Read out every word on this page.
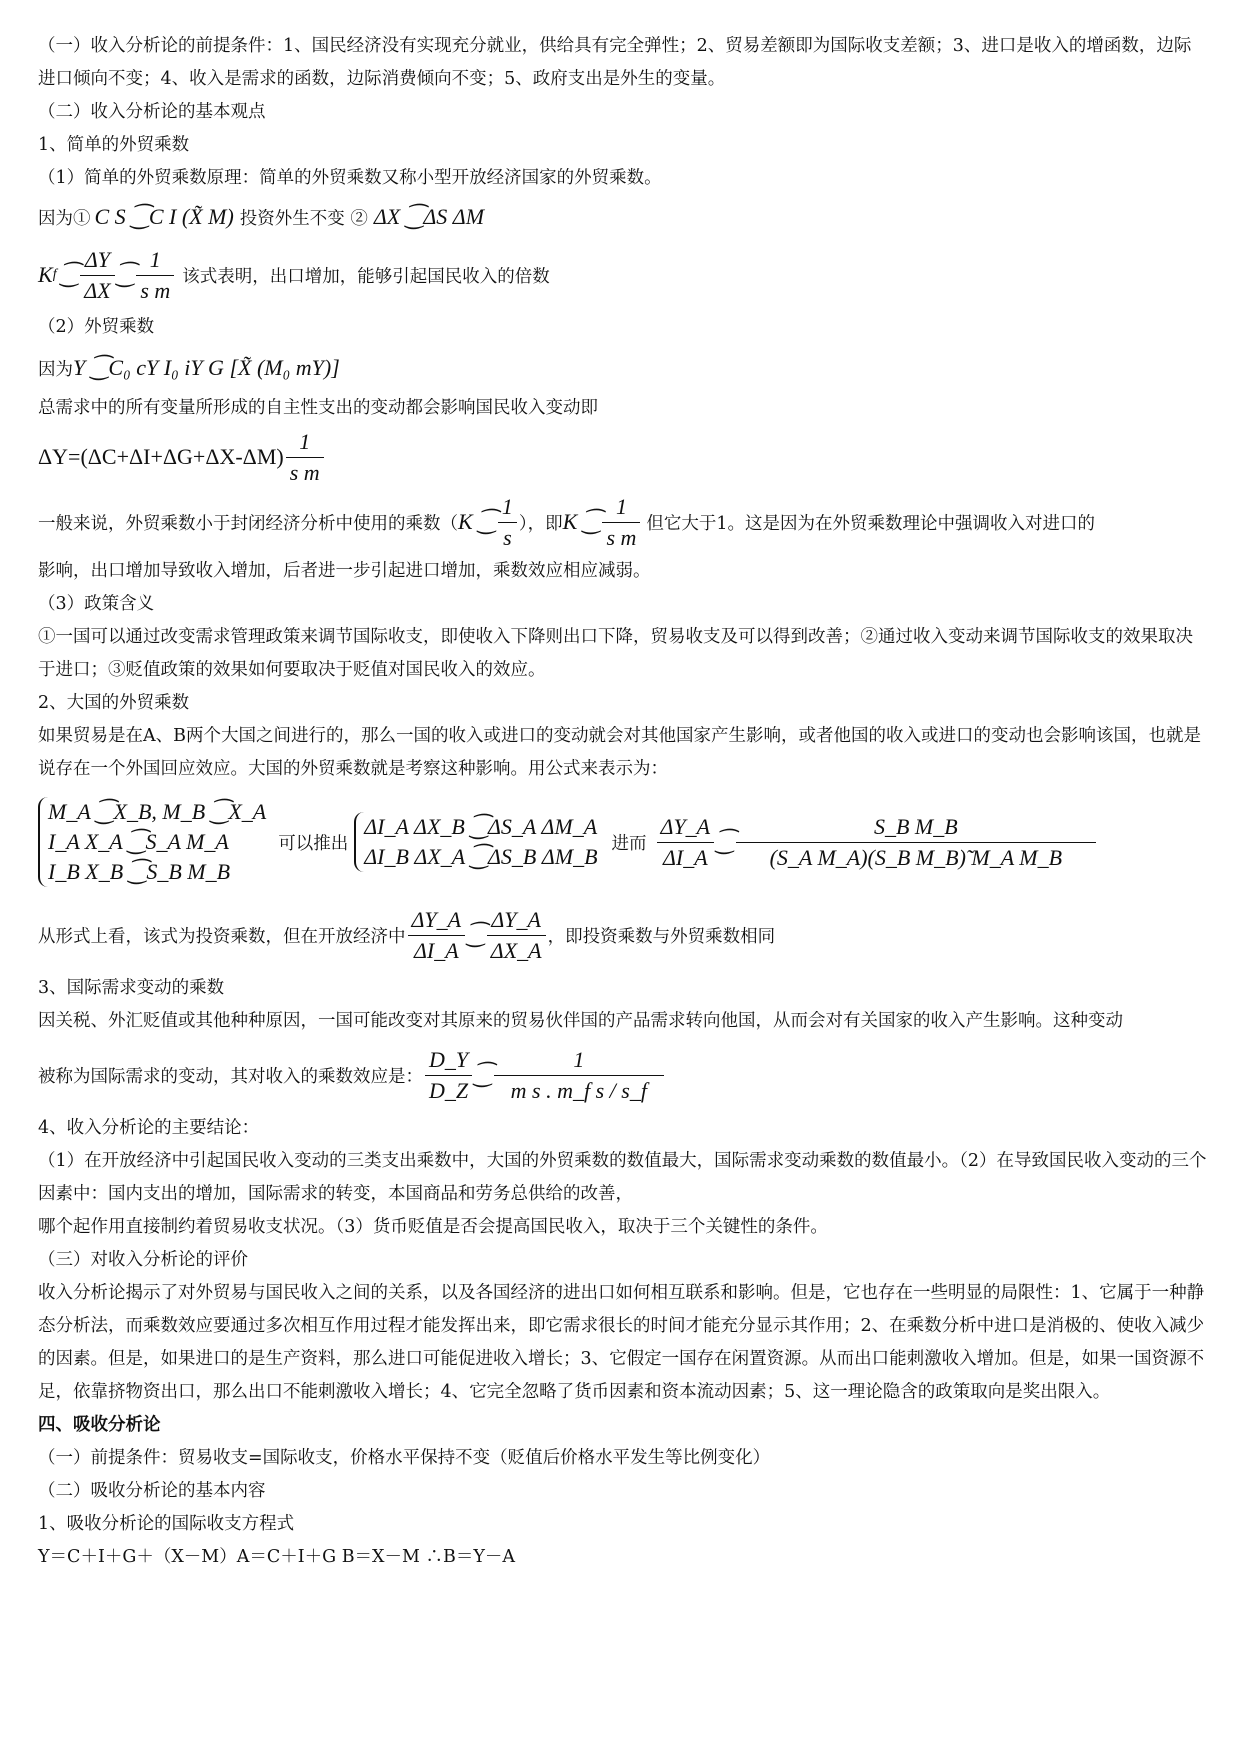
（一）收入分析论的前提条件：1、国民经济没有实现充分就业，供给具有完全弹性；2、贸易差额即为国际收支差额；3、进口是收入的增函数，边际进口倾向不变；4、收入是需求的函数，边际消费倾向不变；5、政府支出是外生的变量。
（二）收入分析论的基本观点
1、简单的外贸乘数
（1）简单的外贸乘数原理：简单的外贸乘数又称小型开放经济国家的外贸乘数。
因为① C S ⁐C I (X̃ M) 投资外生不变 ② ΔX ⁐ΔS ΔM
K f ⁐ $\frac{\Delta Y}{\Delta X}$ ⁐ $\frac{1}{\text{s m}}$ 该式表明，出口增加，能够引起国民收入的倍数
（2）外贸乘数
因为 Y ⁐C₀ cY I₀ iY G [X̃ (M₀ mY)]
总需求中的所有变量所形成的自主性支出的变动都会影响国民收入变动即
$\Delta Y=(\Delta C+\Delta I+\Delta G+\Delta X-\Delta M) \frac{1}{\text{s m}}$
一般来说，外贸乘数小于封闭经济分析中使用的乘数（ K ⁐ $\frac{1}{s}$ ），即 K ⁐ $\frac{1}{\text{s m}}$ 但它大于1。这是因为在外贸乘数理论中强调收入对进口的
影响，出口增加导致收入增加，后者进一步引起进口增加，乘数效应相应减弱。
（3）政策含义
①一国可以通过改变需求管理政策来调节国际收支，即使收入下降则出口下降，贸易收支及可以得到改善；②通过收入变动来调节国际收支的效果取决于进口；③贬值政策的效果如何要取决于贬值对国民收入的效应。
2、大国的外贸乘数
如果贸易是在A、B两个大国之间进行的，那么一国的收入或进口的变动就会对其他国家产生影响，或者他国的收入或进口的变动也会影响该国，也就是说存在一个外国回应效应。大国的外贸乘数就是考察这种影响。用公式来表示为：
M_A ⁐X_B, M_B ⁐X_A
I_A X_A ⁐S_A M_A
I_B X_B ⁐S_B M_B
可以推出
ΔI_A ΔX_B ⁐ΔS_A ΔM_A
ΔI_B ΔX_A ⁐ΔS_B ΔM_B
进而 $\frac{\Delta Y\_A}{\Delta I\_A}$ ⁐ $\frac{\text{S\_B M\_B}}{\text{(S\_A M\_A)(S\_B M\_B)̃ M\_A M\_B}}$
从形式上看，该式为投资乘数，但在开放经济中 $\frac{\Delta Y\_A}{\Delta I\_A}$ ⁐ $\frac{\Delta Y\_A}{\Delta X\_A}$ ，即投资乘数与外贸乘数相同
3、国际需求变动的乘数
因关税、外汇贬值或其他种种原因，一国可能改变对其原来的贸易伙伴国的产品需求转向他国，从而会对有关国家的收入产生影响。这种变动
被称为国际需求的变动，其对收入的乘数效应是： $\frac{D\_Y}{D\_Z}$ ⁐ $\frac{1}{\text{m s . m\_f s / s\_f}}$
4、收入分析论的主要结论：
（1）在开放经济中引起国民收入变动的三类支出乘数中，大国的外贸乘数的数值最大，国际需求变动乘数的数值最小。（2）在导致国民收入变动的三个因素中：国内支出的增加，国际需求的转变，本国商品和劳务总供给的改善，
哪个起作用直接制约着贸易收支状况。（3）货币贬值是否会提高国民收入，取决于三个关键性的条件。
（三）对收入分析论的评价
收入分析论揭示了对外贸易与国民收入之间的关系，以及各国经济的进出口如何相互联系和影响。但是，它也存在一些明显的局限性：1、它属于一种静态分析法，而乘数效应要通过多次相互作用过程才能发挥出来，即它需求很长的时间才能充分显示其作用；2、在乘数分析中进口是消极的、使收入减少的因素。但是，如果进口的是生产资料，那么进口可能促进收入增长；3、它假定一国存在闲置资源。从而出口能刺激收入增加。但是，如果一国资源不足，依靠挤物资出口，那么出口不能刺激收入增长；4、它完全忽略了货币因素和资本流动因素；5、这一理论隐含的政策取向是奖出限入。
四、吸收分析论
（一）前提条件：贸易收支=国际收支，价格水平保持不变（贬值后价格水平发生等比例变化）
（二）吸收分析论的基本内容
1、吸收分析论的国际收支方程式
Y＝C＋I＋G＋（X－M）A＝C＋I＋G B＝X－M ∴B＝Y－A
